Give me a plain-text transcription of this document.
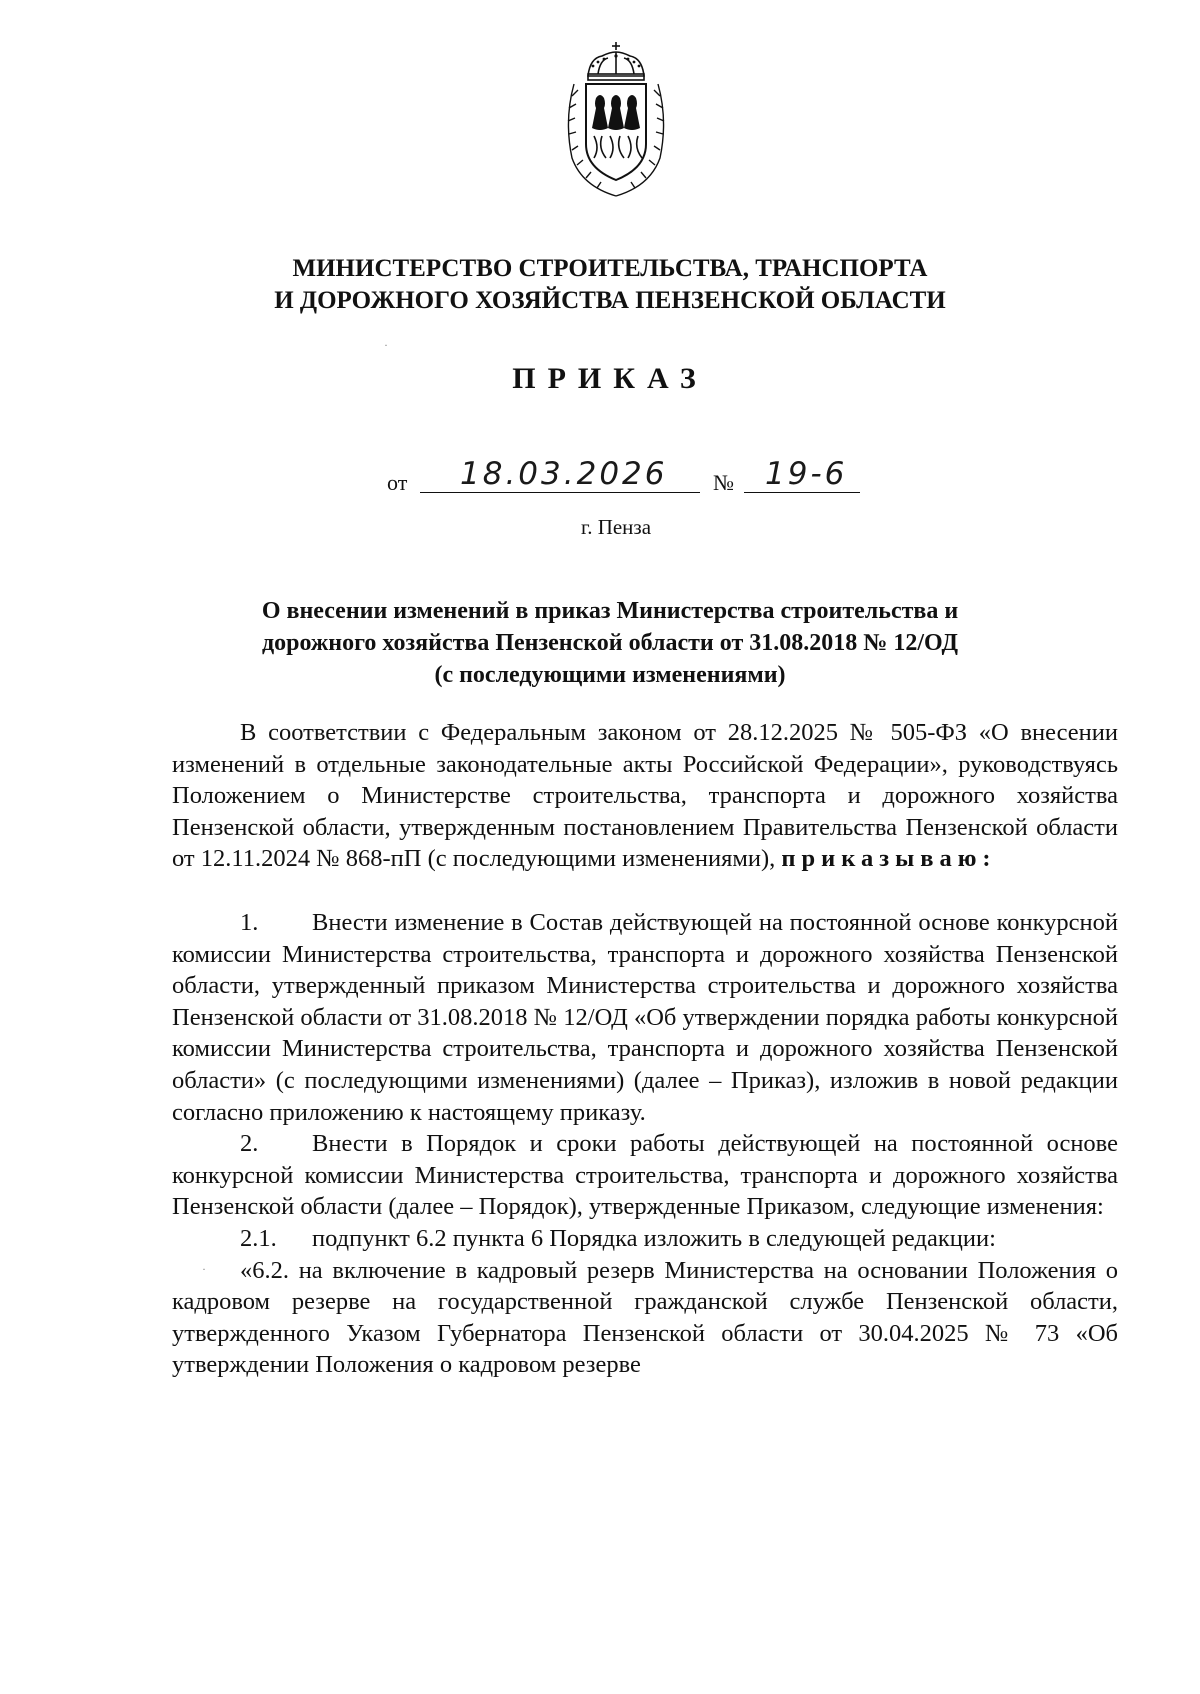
МИНИСТЕРСТВО СТРОИТЕЛЬСТВА, ТРАНСПОРТА
И ДОРОЖНОГО ХОЗЯЙСТВА ПЕНЗЕНСКОЙ ОБЛАСТИ
ПРИКАЗ
от 18.03.2026 № 19-6
г. Пенза
О внесении изменений в приказ Министерства строительства и
дорожного хозяйства Пензенской области от 31.08.2018 № 12/ОД
(с последующими изменениями)

В соответствии с Федеральным законом от 28.12.2025 № 505-ФЗ «О внесении изменений в отдельные законодательные акты Российской Федерации», руководствуясь Положением о Министерстве строительства, транспорта и дорожного хозяйства Пензенской области, утвержденным постановлением Правительства Пензенской области от 12.11.2024 № 868-пП (с последующими изменениями), приказываю:

1. Внести изменение в Состав действующей на постоянной основе конкурсной комиссии Министерства строительства, транспорта и дорожного хозяйства Пензенской области, утвержденный приказом Министерства строительства и дорожного хозяйства Пензенской области от 31.08.2018 № 12/ОД «Об утверждении порядка работы конкурсной комиссии Министерства строительства, транспорта и дорожного хозяйства Пензенской области» (с последующими изменениями) (далее – Приказ), изложив в новой редакции согласно приложению к настоящему приказу.

2. Внести в Порядок и сроки работы действующей на постоянной основе конкурсной комиссии Министерства строительства, транспорта и дорожного хозяйства Пензенской области (далее – Порядок), утвержденные Приказом, следующие изменения:

2.1. подпункт 6.2 пункта 6 Порядка изложить в следующей редакции:

«6.2. на включение в кадровый резерв Министерства на основании Положения о кадровом резерве на государственной гражданской службе Пензенской области, утвержденного Указом Губернатора Пензенской области от 30.04.2025 № 73 «Об утверждении Положения о кадровом резерве

·
·
